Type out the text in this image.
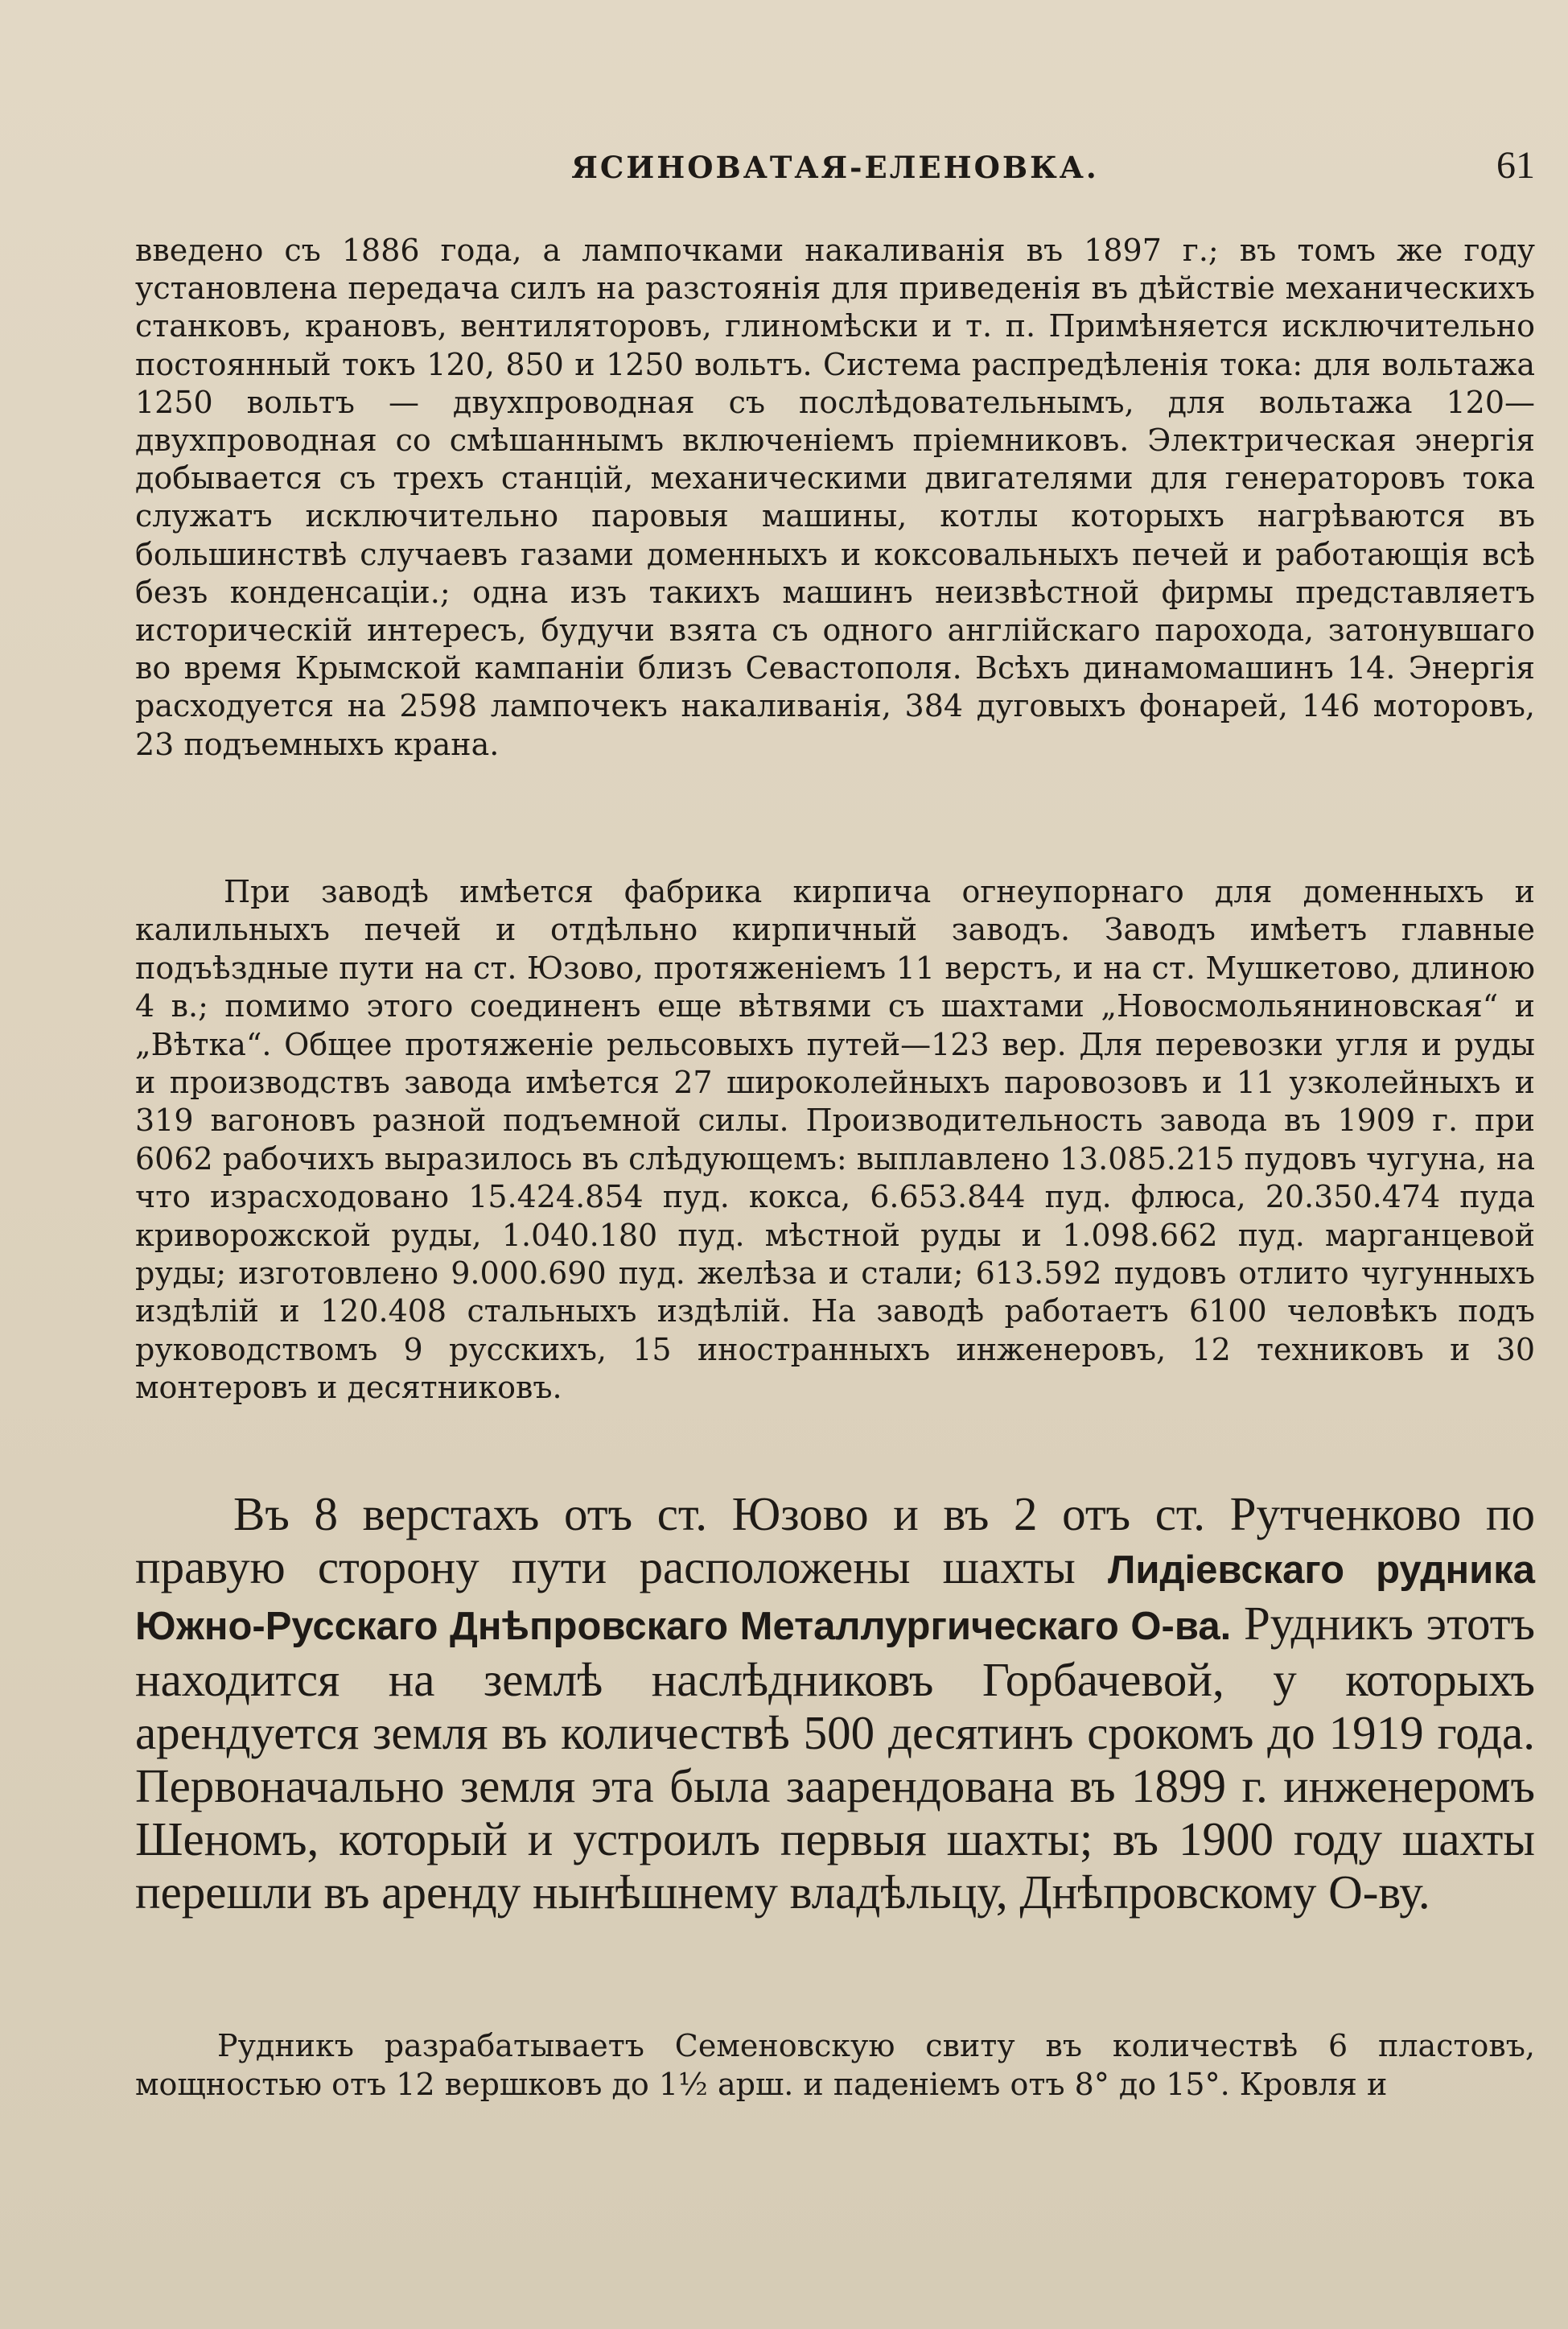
ЯСИНОВАТАЯ-ЕЛЕНОВКА.	61

введено съ 1886 года, а лампочками накаливанія въ 1897 г.; въ томъ же году установлена передача силъ на разстоянія для приведенія въ дѣйствіе механическихъ станковъ, крановъ, вентиляторовъ, глиномѣски и т. п. Примѣняется исключительно постоянный токъ 120, 850 и 1250 вольтъ. Система распредѣленія тока: для вольтажа 1250 вольтъ — двухпроводная съ послѣдовательнымъ, для вольтажа 120—двухпроводная со смѣшаннымъ включеніемъ пріемниковъ. Электрическая энергія добывается съ трехъ станцій, механическими двигателями для генераторовъ тока служатъ исключительно паровыя машины, котлы которыхъ нагрѣваются въ большинствѣ случаевъ газами доменныхъ и коксовальныхъ печей и работающія всѣ безъ конденсаціи.; одна изъ такихъ машинъ неизвѣстной фирмы представляетъ историческій интересъ, будучи взята съ одного англійскаго парохода, затонувшаго во время Крымской кампаніи близъ Севастополя. Всѣхъ динамомашинъ 14. Энергія расходуется на 2598 лампочекъ накаливанія, 384 дуговыхъ фонарей, 146 моторовъ, 23 подъемныхъ крана.

При заводѣ имѣется фабрика кирпича огнеупорнаго для доменныхъ и калильныхъ печей и отдѣльно кирпичный заводъ. Заводъ имѣетъ главные подъѣздные пути на ст. Юзово, протяженіемъ 11 верстъ, и на ст. Мушкетово, длиною 4 в.; помимо этого соединенъ еще вѣтвями съ шахтами „Новосмольяниновская“ и „Вѣтка“. Общее протяженіе рельсовыхъ путей—123 вер. Для перевозки угля и руды и производствъ завода имѣется 27 широколейныхъ паровозовъ и 11 узколейныхъ и 319 вагоновъ разной подъемной силы. Производительность завода въ 1909 г. при 6062 рабочихъ выразилось въ слѣдующемъ: выплавлено 13.085.215 пудовъ чугуна, на что израсходовано 15.424.854 пуд. кокса, 6.653.844 пуд. флюса, 20.350.474 пуда криворожской руды, 1.040.180 пуд. мѣстной руды и 1.098.662 пуд. марганцевой руды; изготовлено 9.000.690 пуд. желѣза и стали; 613.592 пудовъ отлито чугунныхъ издѣлій и 120.408 стальныхъ издѣлій. На заводѣ работаетъ 6100 человѣкъ подъ руководствомъ 9 русскихъ, 15 иностранныхъ инженеровъ, 12 техниковъ и 30 монтеровъ и десятниковъ.

Въ 8 верстахъ отъ ст. Юзово и въ 2 отъ ст. Рутченково по правую сторону пути расположены шахты Лидіевскаго рудника Южно-Русскаго Днѣпровскаго Металлургическаго О-ва. Рудникъ этотъ находится на землѣ наслѣдниковъ Горбачевой, у которыхъ арендуется земля въ количествѣ 500 десятинъ срокомъ до 1919 года. Первоначально земля эта была заарендована въ 1899 г. инженеромъ Шеномъ, который и устроилъ первыя шахты; въ 1900 году шахты перешли въ аренду нынѣшнему владѣльцу, Днѣпровскому О-ву.

Рудникъ разрабатываетъ Семеновскую свиту въ количествѣ 6 пластовъ, мощностью отъ 12 вершковъ до 1½ арш. и паденіемъ отъ 8° до 15°. Кровля и
